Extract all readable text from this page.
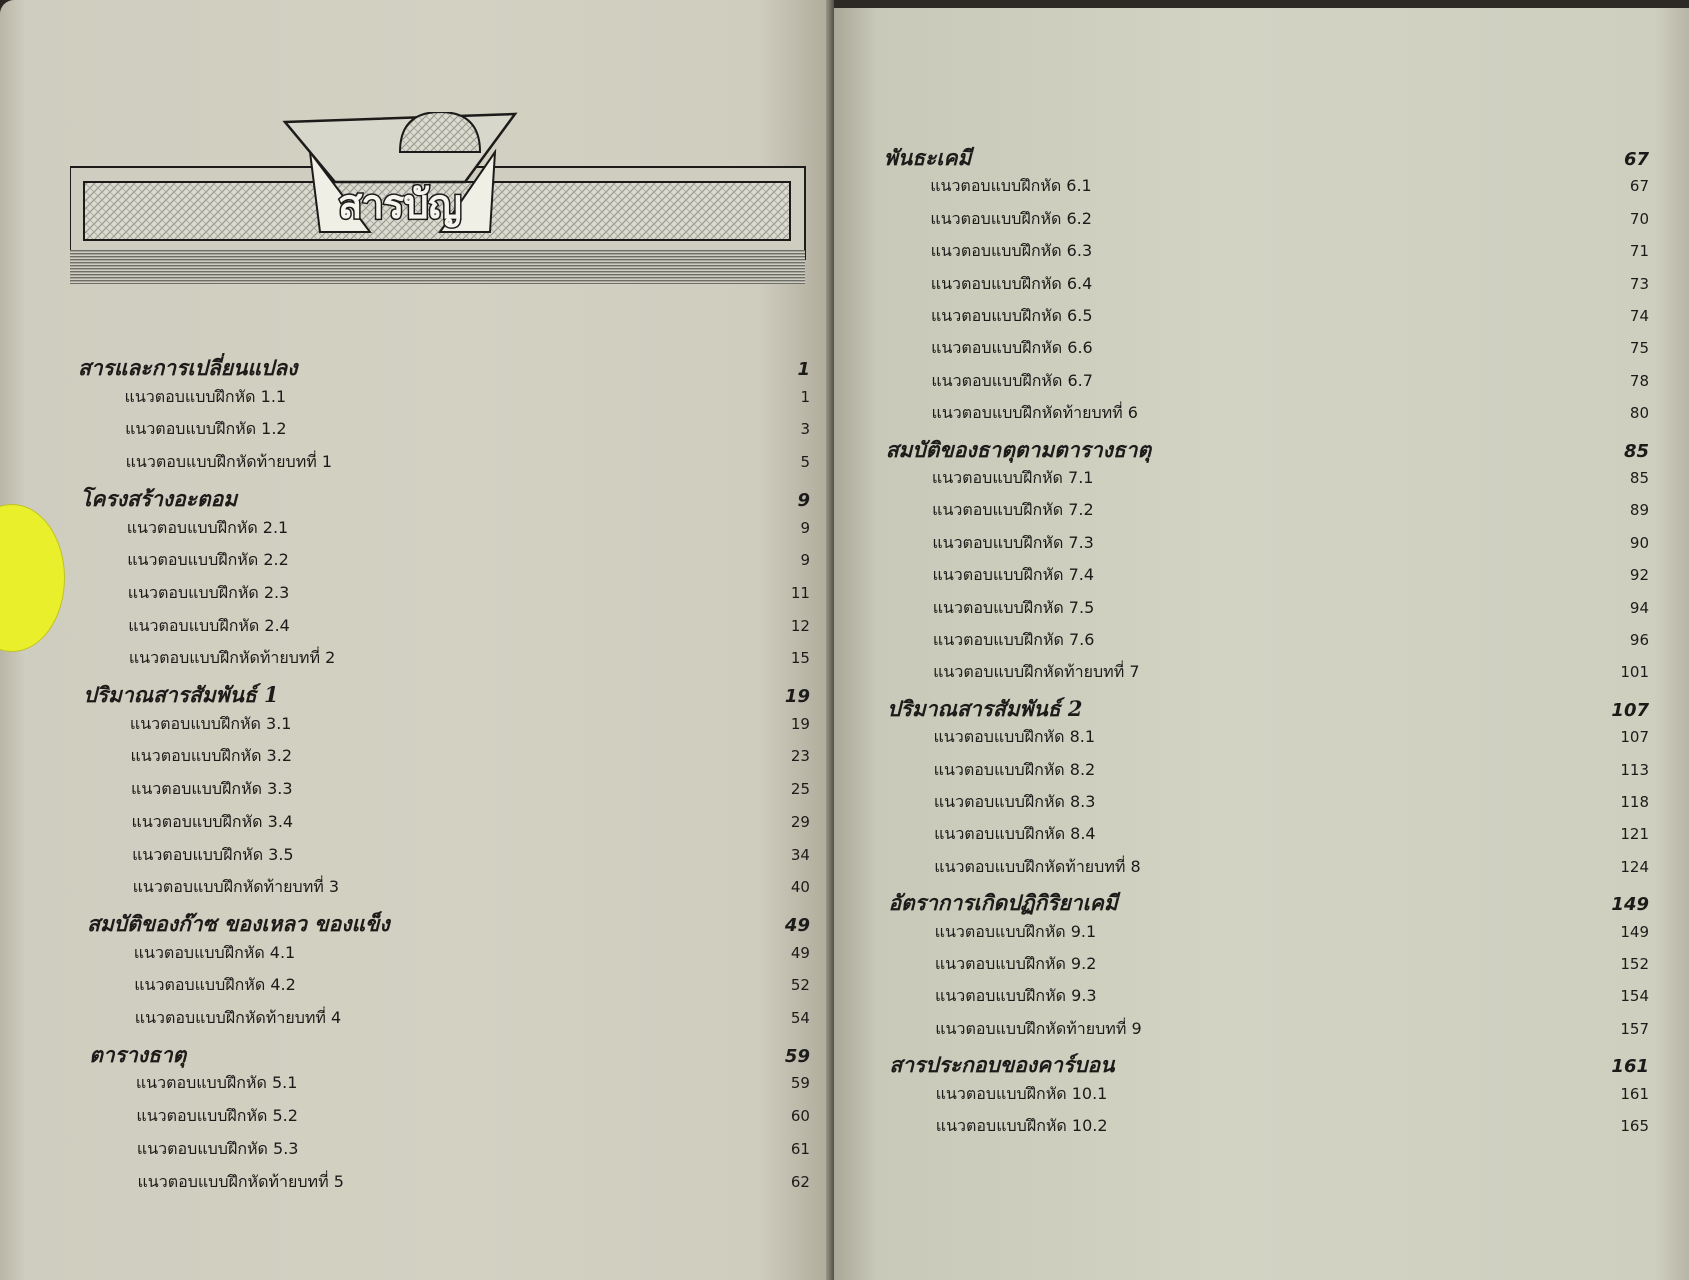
สารบัญ
สารและการเปลี่ยนแปลง	1
แนวตอบแบบฝึกหัด 1.1	1
แนวตอบแบบฝึกหัด 1.2	3
แนวตอบแบบฝึกหัดท้ายบทที่ 1	5
โครงสร้างอะตอม	9
แนวตอบแบบฝึกหัด 2.1	9
แนวตอบแบบฝึกหัด 2.2	9
แนวตอบแบบฝึกหัด 2.3	11
แนวตอบแบบฝึกหัด 2.4	12
แนวตอบแบบฝึกหัดท้ายบทที่ 2	15
ปริมาณสารสัมพันธ์ 1	19
แนวตอบแบบฝึกหัด 3.1	19
แนวตอบแบบฝึกหัด 3.2	23
แนวตอบแบบฝึกหัด 3.3	25
แนวตอบแบบฝึกหัด 3.4	29
แนวตอบแบบฝึกหัด 3.5	34
แนวตอบแบบฝึกหัดท้ายบทที่ 3	40
สมบัติของก๊าซ ของเหลว ของแข็ง	49
แนวตอบแบบฝึกหัด 4.1	49
แนวตอบแบบฝึกหัด 4.2	52
แนวตอบแบบฝึกหัดท้ายบทที่ 4	54
ตารางธาตุ	59
แนวตอบแบบฝึกหัด 5.1	59
แนวตอบแบบฝึกหัด 5.2	60
แนวตอบแบบฝึกหัด 5.3	61
แนวตอบแบบฝึกหัดท้ายบทที่ 5	62
พันธะเคมี	67
แนวตอบแบบฝึกหัด 6.1	67
แนวตอบแบบฝึกหัด 6.2	70
แนวตอบแบบฝึกหัด 6.3	71
แนวตอบแบบฝึกหัด 6.4	73
แนวตอบแบบฝึกหัด 6.5	74
แนวตอบแบบฝึกหัด 6.6	75
แนวตอบแบบฝึกหัด 6.7	78
แนวตอบแบบฝึกหัดท้ายบทที่ 6	80
สมบัติของธาตุตามตารางธาตุ	85
แนวตอบแบบฝึกหัด 7.1	85
แนวตอบแบบฝึกหัด 7.2	89
แนวตอบแบบฝึกหัด 7.3	90
แนวตอบแบบฝึกหัด 7.4	92
แนวตอบแบบฝึกหัด 7.5	94
แนวตอบแบบฝึกหัด 7.6	96
แนวตอบแบบฝึกหัดท้ายบทที่ 7	101
ปริมาณสารสัมพันธ์ 2	107
แนวตอบแบบฝึกหัด 8.1	107
แนวตอบแบบฝึกหัด 8.2	113
แนวตอบแบบฝึกหัด 8.3	118
แนวตอบแบบฝึกหัด 8.4	121
แนวตอบแบบฝึกหัดท้ายบทที่ 8	124
อัตราการเกิดปฏิกิริยาเคมี	149
แนวตอบแบบฝึกหัด 9.1	149
แนวตอบแบบฝึกหัด 9.2	152
แนวตอบแบบฝึกหัด 9.3	154
แนวตอบแบบฝึกหัดท้ายบทที่ 9	157
สารประกอบของคาร์บอน	161
แนวตอบแบบฝึกหัด 10.1	161
แนวตอบแบบฝึกหัด 10.2	165
